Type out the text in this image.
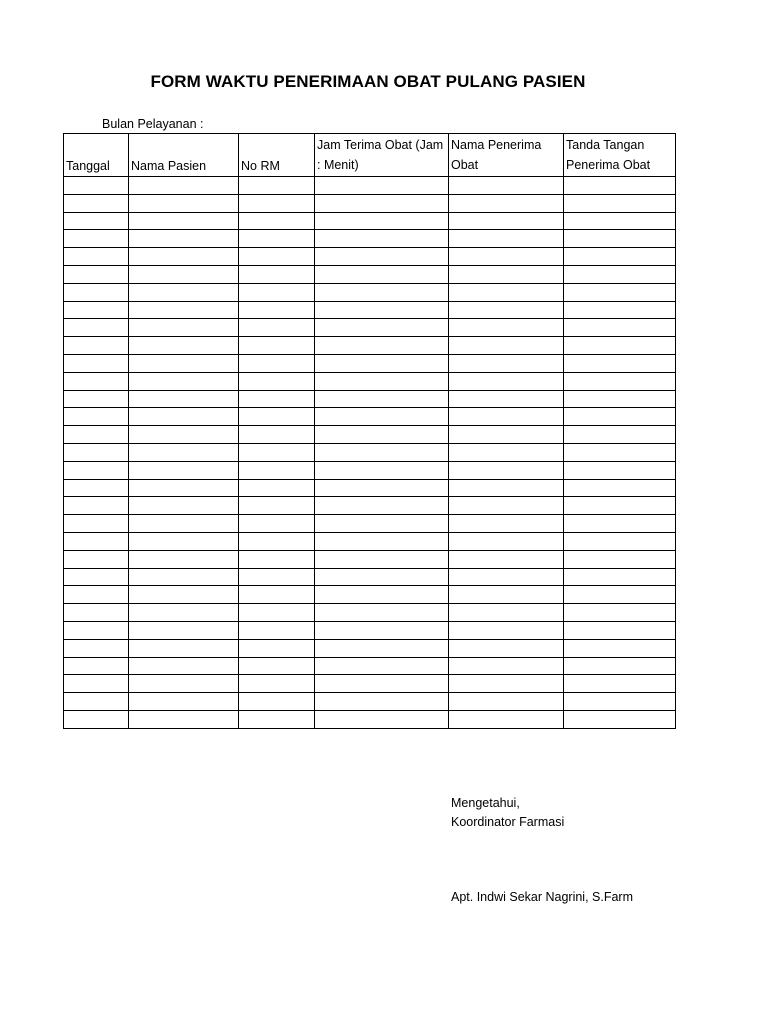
FORM WAKTU PENERIMAAN OBAT PULANG PASIEN
Bulan Pelayanan :
Tanggal	Nama Pasien	No RM	Jam Terima Obat (Jam : Menit)	Nama Penerima Obat	Tanda Tangan Penerima Obat

Mengetahui,
Koordinator Farmasi
Apt. Indwi Sekar Nagrini, S.Farm
